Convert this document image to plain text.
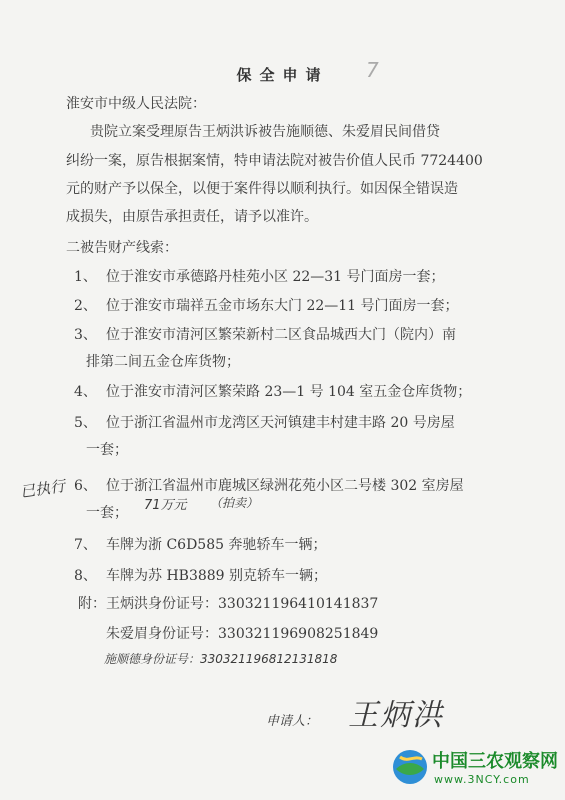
保全申请	7
淮安市中级人民法院：
贵院立案受理原告王炳洪诉被告施顺德、朱爱眉民间借贷
纠纷一案，原告根据案情，特申请法院对被告价值人民币 7724400
元的财产予以保全，以便于案件得以顺利执行。如因保全错误造
成损失，由原告承担责任，请予以准许。
二被告财产线索：
1、 位于淮安市承德路丹桂苑小区 22—31 号门面房一套；
2、 位于淮安市瑞祥五金市场东大门 22—11 号门面房一套；
3、 位于淮安市清河区繁荣新村二区食品城西大门（院内）南
排第二间五金仓库货物；
4、 位于淮安市清河区繁荣路 23—1 号 104 室五金仓库货物；
5、 位于浙江省温州市龙湾区天河镇建丰村建丰路 20 号房屋
一套；
6、 位于浙江省温州市鹿城区绿洲花苑小区二号楼 302 室房屋
一套；
7、 车牌为浙 C6D585 奔驰轿车一辆；
8、 车牌为苏 HB3889 别克轿车一辆；
附： 王炳洪身份证号：330321196410141837
朱爱眉身份证号：330321196908251849
已执行
71万元 （拍卖）
施顺德身份证号：330321196812131818
申请人： 王炳洪
中国三农观察网
www.3NCY.com
